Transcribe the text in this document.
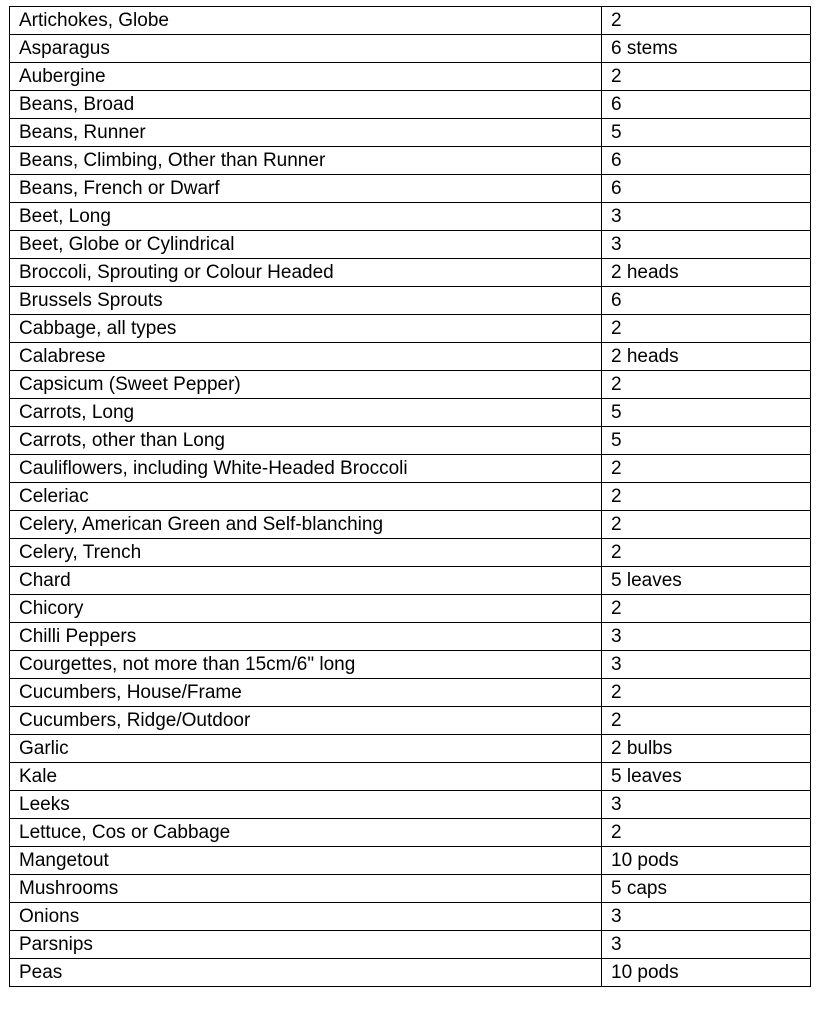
Artichokes, Globe	2
Asparagus	6 stems
Aubergine	2
Beans, Broad	6
Beans, Runner	5
Beans, Climbing, Other than Runner	6
Beans, French or Dwarf	6
Beet, Long	3
Beet, Globe or Cylindrical	3
Broccoli, Sprouting or Colour Headed	2 heads
Brussels Sprouts	6
Cabbage, all types	2
Calabrese	2 heads
Capsicum (Sweet Pepper)	2
Carrots, Long	5
Carrots, other than Long	5
Cauliflowers, including White-Headed Broccoli	2
Celeriac	2
Celery, American Green and Self-blanching	2
Celery, Trench	2
Chard	5 leaves
Chicory	2
Chilli Peppers	3
Courgettes, not more than 15cm/6" long	3
Cucumbers, House/Frame	2
Cucumbers, Ridge/Outdoor	2
Garlic	2 bulbs
Kale	5 leaves
Leeks	3
Lettuce, Cos or Cabbage	2
Mangetout	10 pods
Mushrooms	5 caps
Onions	3
Parsnips	3
Peas	10 pods
